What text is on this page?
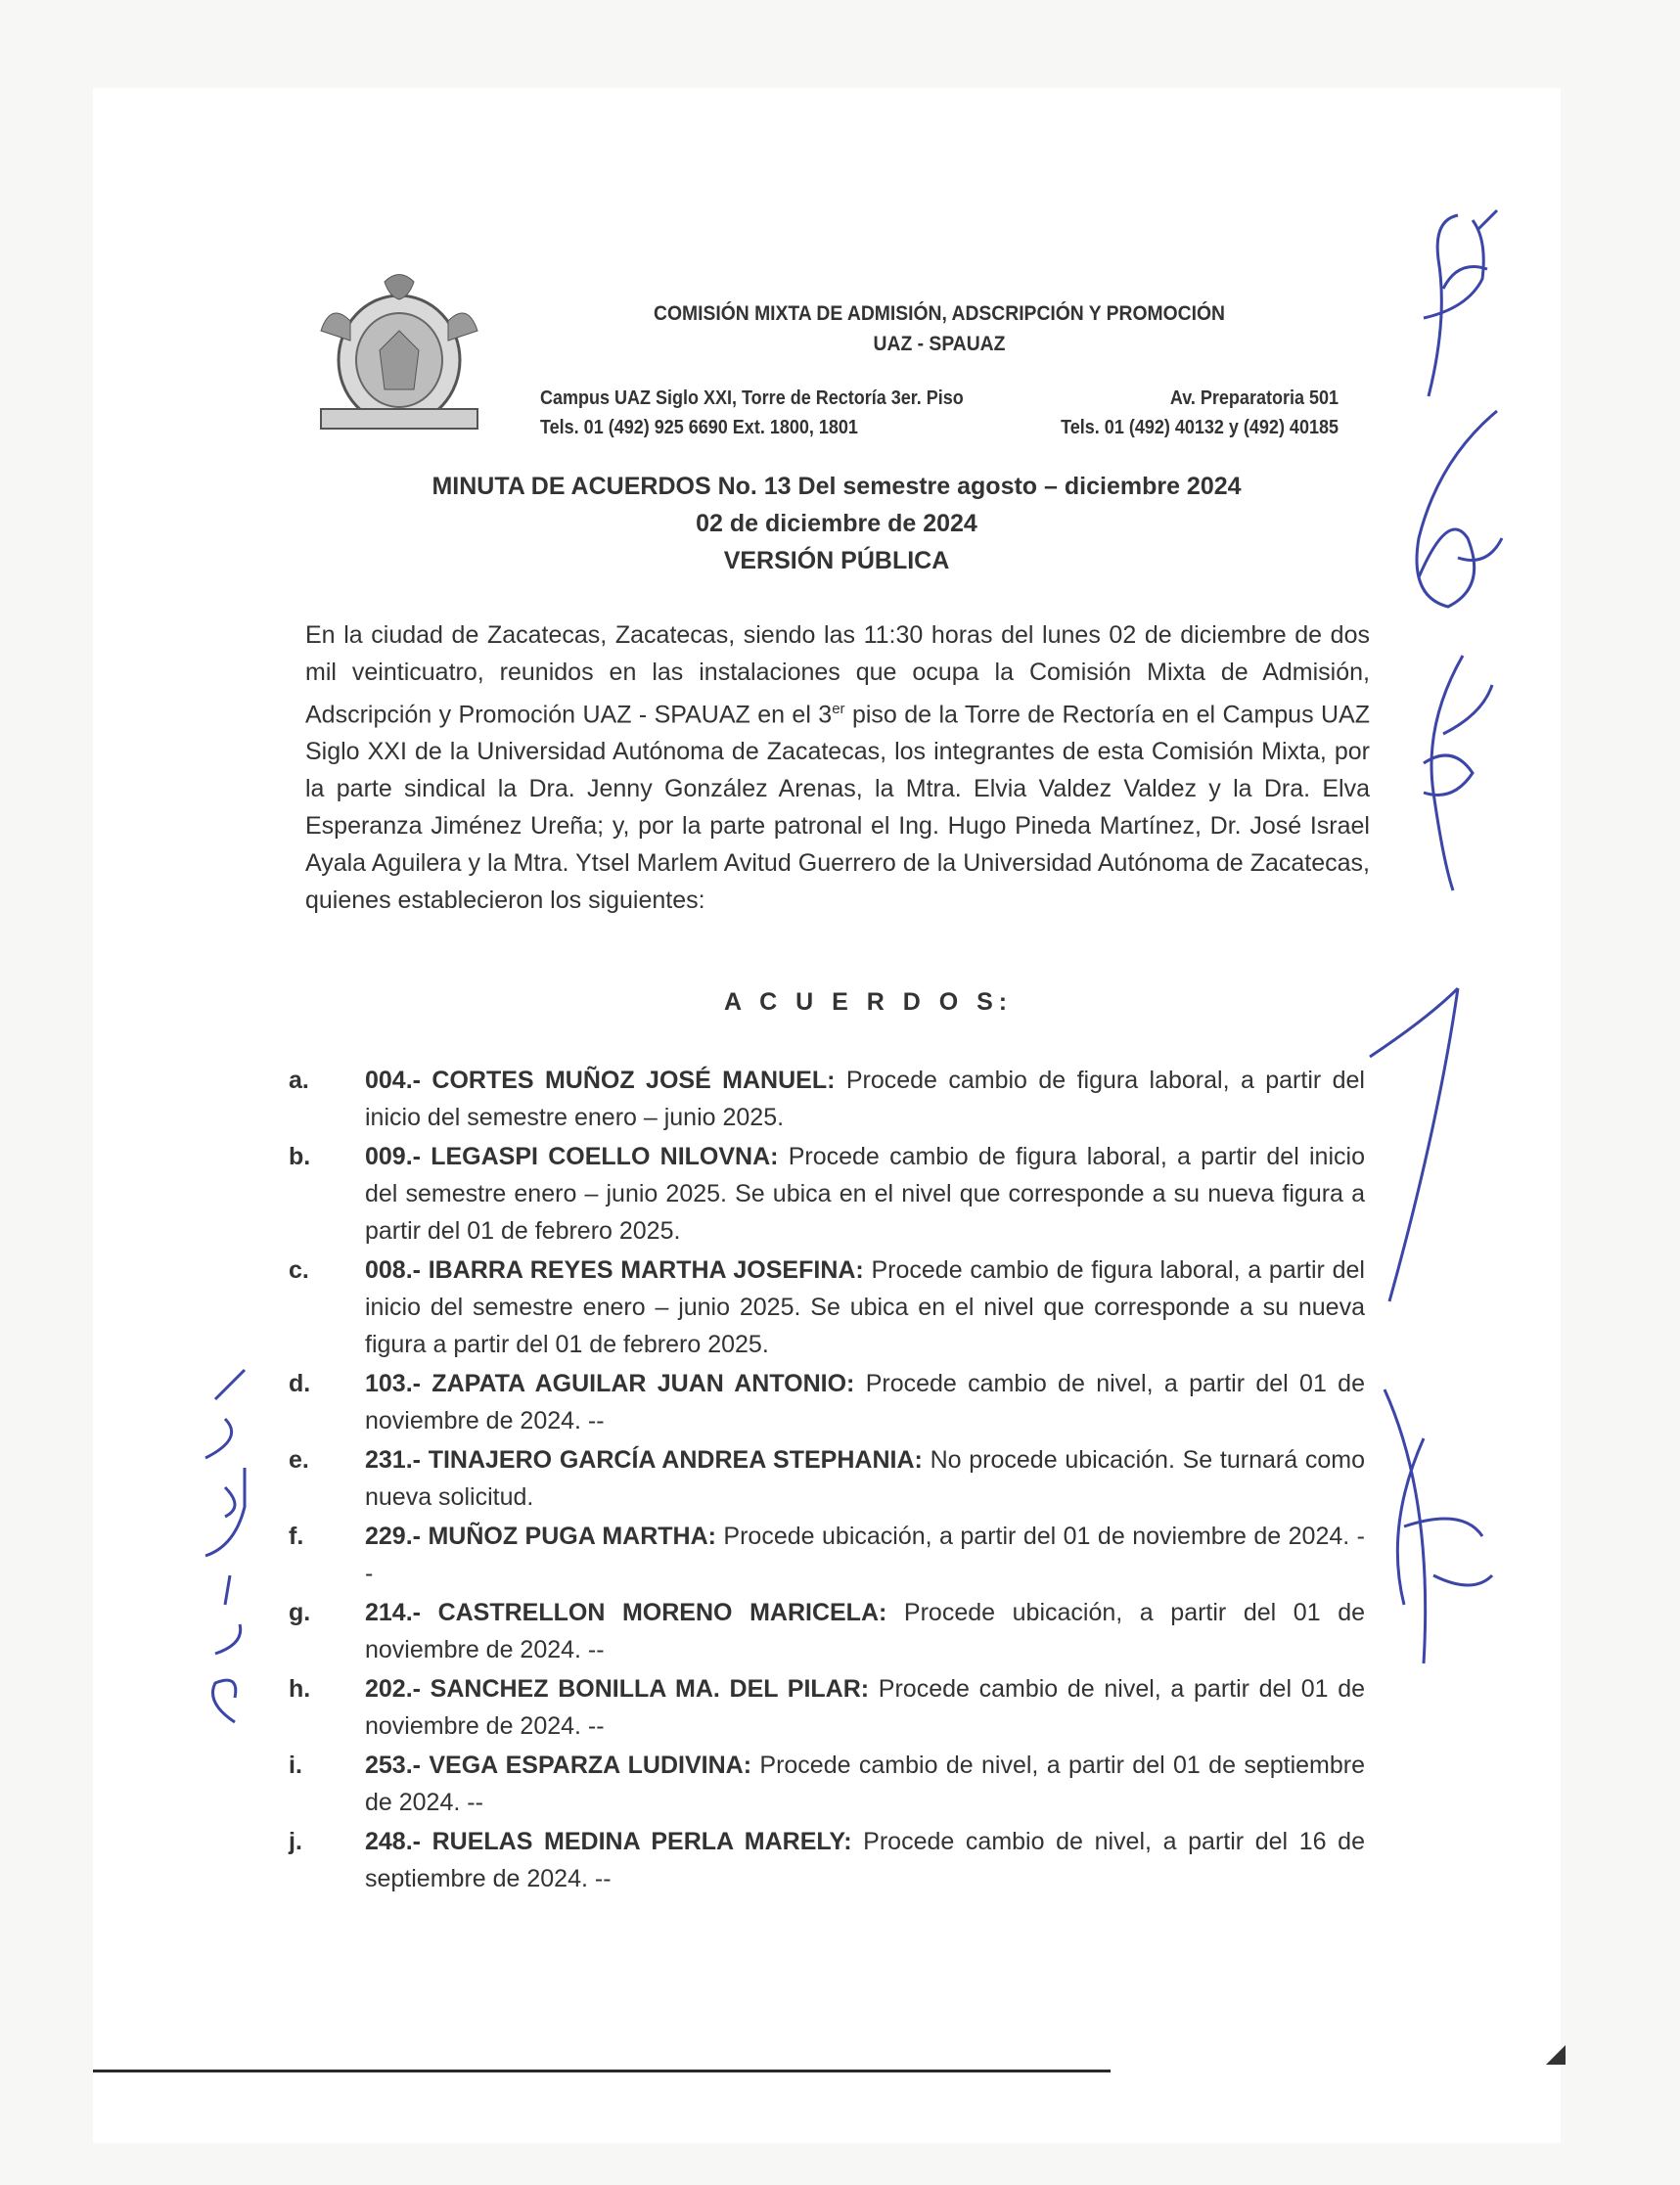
COMISIÓN MIXTA DE ADMISIÓN, ADSCRIPCIÓN Y PROMOCIÓN
UAZ - SPAUAZ
Campus UAZ Siglo XXI, Torre de Rectoría 3er. Piso
Tels. 01 (492) 925 6690 Ext. 1800, 1801
Av. Preparatoria 501
Tels. 01 (492) 40132 y (492) 40185
MINUTA DE ACUERDOS No. 13 Del semestre agosto – diciembre 2024
02 de diciembre de 2024
VERSIÓN PÚBLICA
En la ciudad de Zacatecas, Zacatecas, siendo las 11:30 horas del lunes 02 de diciembre de dos mil veinticuatro, reunidos en las instalaciones que ocupa la Comisión Mixta de Admisión, Adscripción y Promoción UAZ - SPAUAZ en el 3er piso de la Torre de Rectoría en el Campus UAZ Siglo XXI de la Universidad Autónoma de Zacatecas, los integrantes de esta Comisión Mixta, por la parte sindical la Dra. Jenny González Arenas, la Mtra. Elvia Valdez Valdez y la Dra. Elva Esperanza Jiménez Ureña; y, por la parte patronal el Ing. Hugo Pineda Martínez, Dr. José Israel Ayala Aguilera y la Mtra. Ytsel Marlem Avitud Guerrero de la Universidad Autónoma de Zacatecas, quienes establecieron los siguientes:
A C U E R D O S:
a.	004.- CORTES MUÑOZ JOSÉ MANUEL: Procede cambio de figura laboral, a partir del inicio del semestre enero – junio 2025.
b.	009.- LEGASPI COELLO NILOVNA: Procede cambio de figura laboral, a partir del inicio del semestre enero – junio 2025. Se ubica en el nivel que corresponde a su nueva figura a partir del 01 de febrero 2025.
c.	008.- IBARRA REYES MARTHA JOSEFINA: Procede cambio de figura laboral, a partir del inicio del semestre enero – junio 2025. Se ubica en el nivel que corresponde a su nueva figura a partir del 01 de febrero 2025.
d.	103.- ZAPATA AGUILAR JUAN ANTONIO: Procede cambio de nivel, a partir del 01 de noviembre de 2024. --
e.	231.- TINAJERO GARCÍA ANDREA STEPHANIA: No procede ubicación. Se turnará como nueva solicitud.
f.	229.- MUÑOZ PUGA MARTHA: Procede ubicación, a partir del 01 de noviembre de 2024. --
g.	214.- CASTRELLON MORENO MARICELA: Procede ubicación, a partir del 01 de noviembre de 2024. --
h.	202.- SANCHEZ BONILLA MA. DEL PILAR: Procede cambio de nivel, a partir del 01 de noviembre de 2024. --
i.	253.- VEGA ESPARZA LUDIVINA: Procede cambio de nivel, a partir del 01 de septiembre de 2024. --
j.	248.- RUELAS MEDINA PERLA MARELY: Procede cambio de nivel, a partir del 16 de septiembre de 2024. --
